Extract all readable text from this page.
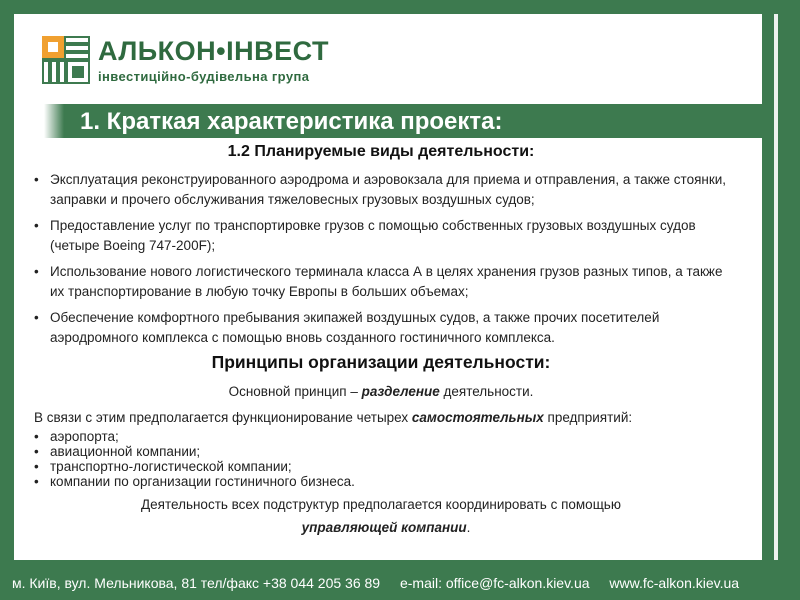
АЛЬКОН•ІНВЕСТ
інвестиційно-будівельна група
1. Краткая характеристика проекта:
1.2 Планируемые виды деятельности:
• Эксплуатация реконструированного аэродрома и аэровокзала для приема и отправления, а также стоянки, заправки и прочего обслуживания тяжеловесных грузовых воздушных судов;
• Предоставление услуг по транспортировке грузов с помощью собственных грузовых воздушных судов (четыре Boeing 747-200F);
• Использование нового логистического терминала класса А в целях хранения грузов разных типов, а также их транспортирование в любую точку Европы в больших объемах;
• Обеспечение комфортного пребывания экипажей воздушных судов, а также прочих посетителей аэродромного комплекса с помощью вновь созданного гостиничного комплекса.
Принципы организации деятельности:
Основной принцип – разделение деятельности.
В связи с этим предполагается функционирование четырех самостоятельных предприятий:
• аэропорта;
• авиационной компании;
• транспортно-логистической компании;
• компании по организации гостиничного бизнеса.
Деятельность всех подструктур предполагается координировать с помощью
управляющей компании.
м. Київ, вул. Мельникова, 81 тел/факс +38 044 205 36 89 e-mail: office@fc-alkon.kiev.ua www.fc-alkon.kiev.ua
